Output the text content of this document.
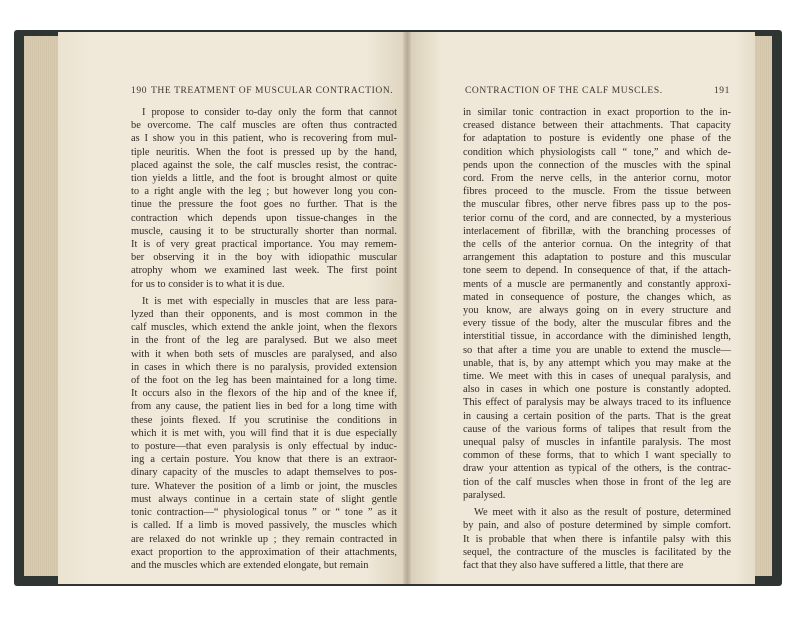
190 THE TREATMENT OF MUSCULAR CONTRACTION.
I propose to consider to-day only the form that cannot
be overcome. The calf muscles are often thus contracted
as I show you in this patient, who is recovering from mul-
tiple neuritis. When the foot is pressed up by the hand,
placed against the sole, the calf muscles resist, the contrac-
tion yields a little, and the foot is brought almost or quite
to a right angle with the leg ; but however long you con-
tinue the pressure the foot goes no further. That is the
contraction which depends upon tissue-changes in the
muscle, causing it to be structurally shorter than normal.
It is of very great practical importance. You may remem-
ber observing it in the boy with idiopathic muscular
atrophy whom we examined last week. The first point
for us to consider is to what it is due.
It is met with especially in muscles that are less para-
lyzed than their opponents, and is most common in the
calf muscles, which extend the ankle joint, when the flexors
in the front of the leg are paralysed. But we also meet
with it when both sets of muscles are paralysed, and also
in cases in which there is no paralysis, provided extension
of the foot on the leg has been maintained for a long time.
It occurs also in the flexors of the hip and of the knee if,
from any cause, the patient lies in bed for a long time with
these joints flexed. If you scrutinise the conditions in
which it is met with, you will find that it is due especially
to posture—that even paralysis is only effectual by induc-
ing a certain posture. You know that there is an extraor-
dinary capacity of the muscles to adapt themselves to pos-
ture. Whatever the position of a limb or joint, the muscles
must always continue in a certain state of slight gentle
tonic contraction—“ physiological tonus ” or “ tone ” as it
is called. If a limb is moved passively, the muscles which
are relaxed do not wrinkle up ; they remain contracted in
exact proportion to the approximation of their attachments,
and the muscles which are extended elongate, but remain
CONTRACTION OF THE CALF MUSCLES.	191
in similar tonic contraction in exact proportion to the in-
creased distance between their attachments. That capacity
for adaptation to posture is evidently one phase of the
condition which physiologists call “ tone,” and which de-
pends upon the connection of the muscles with the spinal
cord. From the nerve cells, in the anterior cornu, motor
fibres proceed to the muscle. From the tissue between
the muscular fibres, other nerve fibres pass up to the pos-
terior cornu of the cord, and are connected, by a mysterious
interlacement of fibrillæ, with the branching processes of
the cells of the anterior cornua. On the integrity of that
arrangement this adaptation to posture and this muscular
tone seem to depend. In consequence of that, if the attach-
ments of a muscle are permanently and constantly approxi-
mated in consequence of posture, the changes which, as
you know, are always going on in every structure and
every tissue of the body, alter the muscular fibres and the
interstitial tissue, in accordance with the diminished length,
so that after a time you are unable to extend the muscle—
unable, that is, by any attempt which you may make at the
time. We meet with this in cases of unequal paralysis, and
also in cases in which one posture is constantly adopted.
This effect of paralysis may be always traced to its influence
in causing a certain position of the parts. That is the great
cause of the various forms of talipes that result from the
unequal palsy of muscles in infantile paralysis. The most
common of these forms, that to which I want specially to
draw your attention as typical of the others, is the contrac-
tion of the calf muscles when those in front of the leg are
paralysed.
We meet with it also as the result of posture, determined
by pain, and also of posture determined by simple comfort.
It is probable that when there is infantile palsy with this
sequel, the contracture of the muscles is facilitated by the
fact that they also have suffered a little, that there are
